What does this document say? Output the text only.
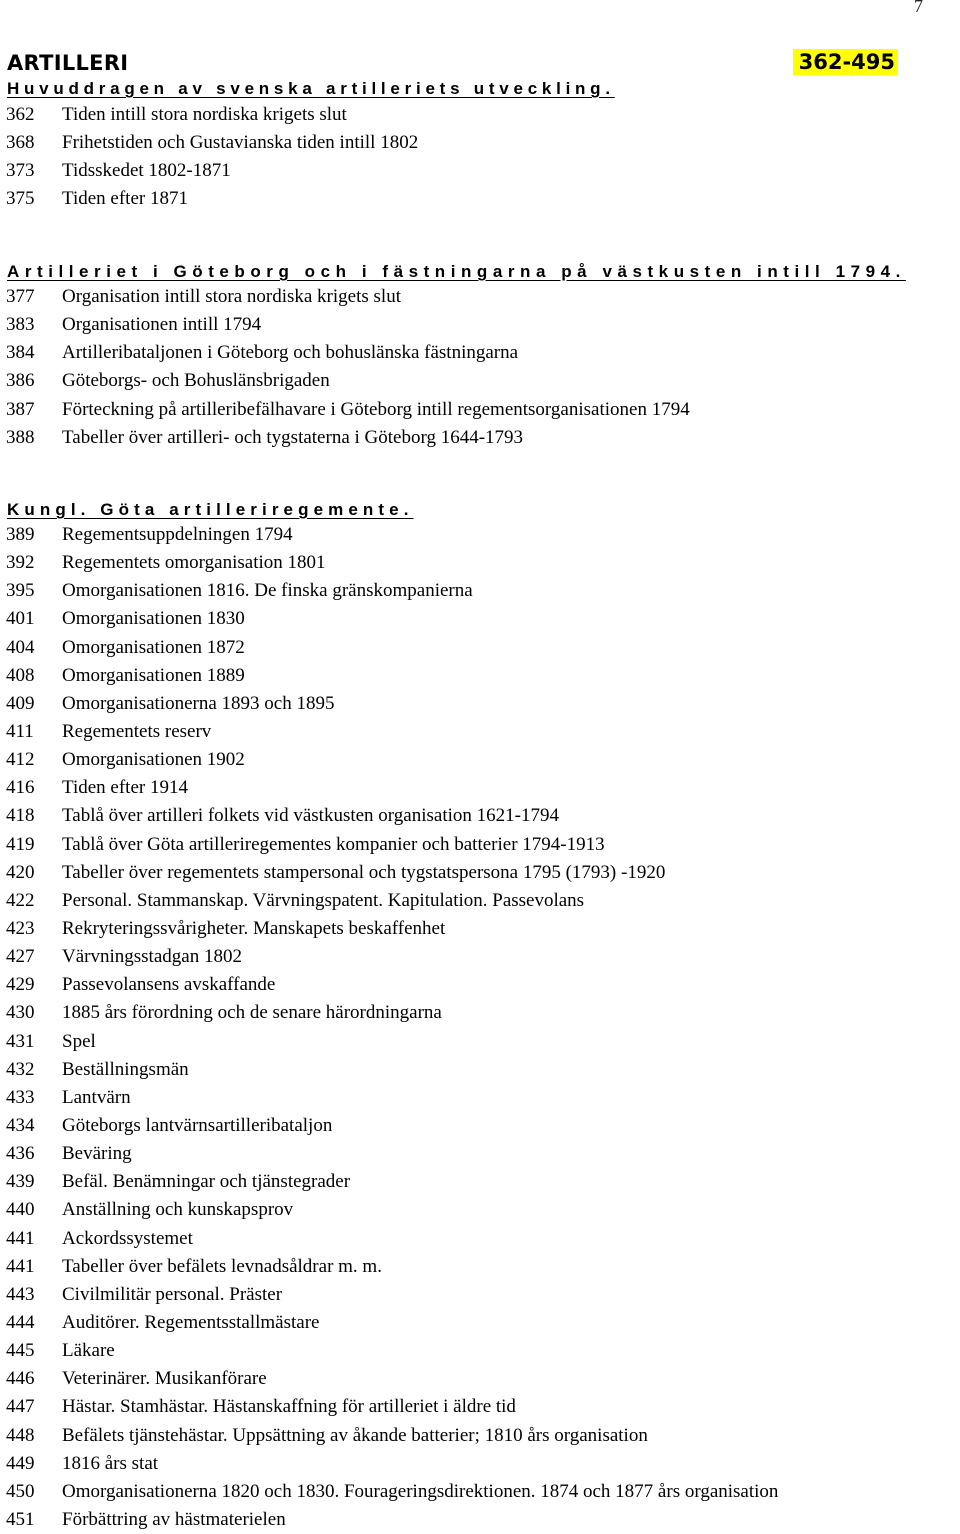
7
ARTILLERI	362-495
Huvuddragen av svenska artilleriets utveckling.
362 Tiden intill stora nordiska krigets slut
368 Frihetstiden och Gustavianska tiden intill 1802
373 Tidsskedet 1802-1871
375 Tiden efter 1871
Artilleriet i Göteborg och i fästningarna på västkusten intill 1794.
377 Organisation intill stora nordiska krigets slut
383 Organisationen intill 1794
384 Artilleribataljonen i Göteborg och bohuslänska fästningarna
386 Göteborgs- och Bohuslänsbrigaden
387 Förteckning på artilleribefälhavare i Göteborg intill regementsorganisationen 1794
388 Tabeller över artilleri- och tygstaterna i Göteborg 1644-1793
Kungl. Göta artilleriregemente.
389 Regementsuppdelningen 1794
392 Regementets omorganisation 1801
395 Omorganisationen 1816. De finska gränskompanierna
401 Omorganisationen 1830
404 Omorganisationen 1872
408 Omorganisationen 1889
409 Omorganisationerna 1893 och 1895
411 Regementets reserv
412 Omorganisationen 1902
416 Tiden efter 1914
418 Tablå över artilleri folkets vid västkusten organisation 1621-1794
419 Tablå över Göta artilleriregementes kompanier och batterier 1794-1913
420 Tabeller över regementets stampersonal och tygstatspersona 1795 (1793) -1920
422 Personal. Stammanskap. Värvningspatent. Kapitulation. Passevolans
423 Rekryteringssvårigheter. Manskapets beskaffenhet
427 Värvningsstadgan 1802
429 Passevolansens avskaffande
430 1885 års förordning och de senare härordningarna
431 Spel
432 Beställningsmän
433 Lantvärn
434 Göteborgs lantvärnsartilleribataljon
436 Beväring
439 Befäl. Benämningar och tjänstegrader
440 Anställning och kunskapsprov
441 Ackordssystemet
441 Tabeller över befälets levnadsåldrar m. m.
443 Civilmilitär personal. Präster
444 Auditörer. Regementsstallmästare
445 Läkare
446 Veterinärer. Musikanförare
447 Hästar. Stamhästar. Hästanskaffning för artilleriet i äldre tid
448 Befälets tjänstehästar. Uppsättning av åkande batterier; 1810 års organisation
449 1816 års stat
450 Omorganisationerna 1820 och 1830. Fourageringsdirektionen. 1874 och 1877 års organisation
451 Förbättring av hästmaterielen
